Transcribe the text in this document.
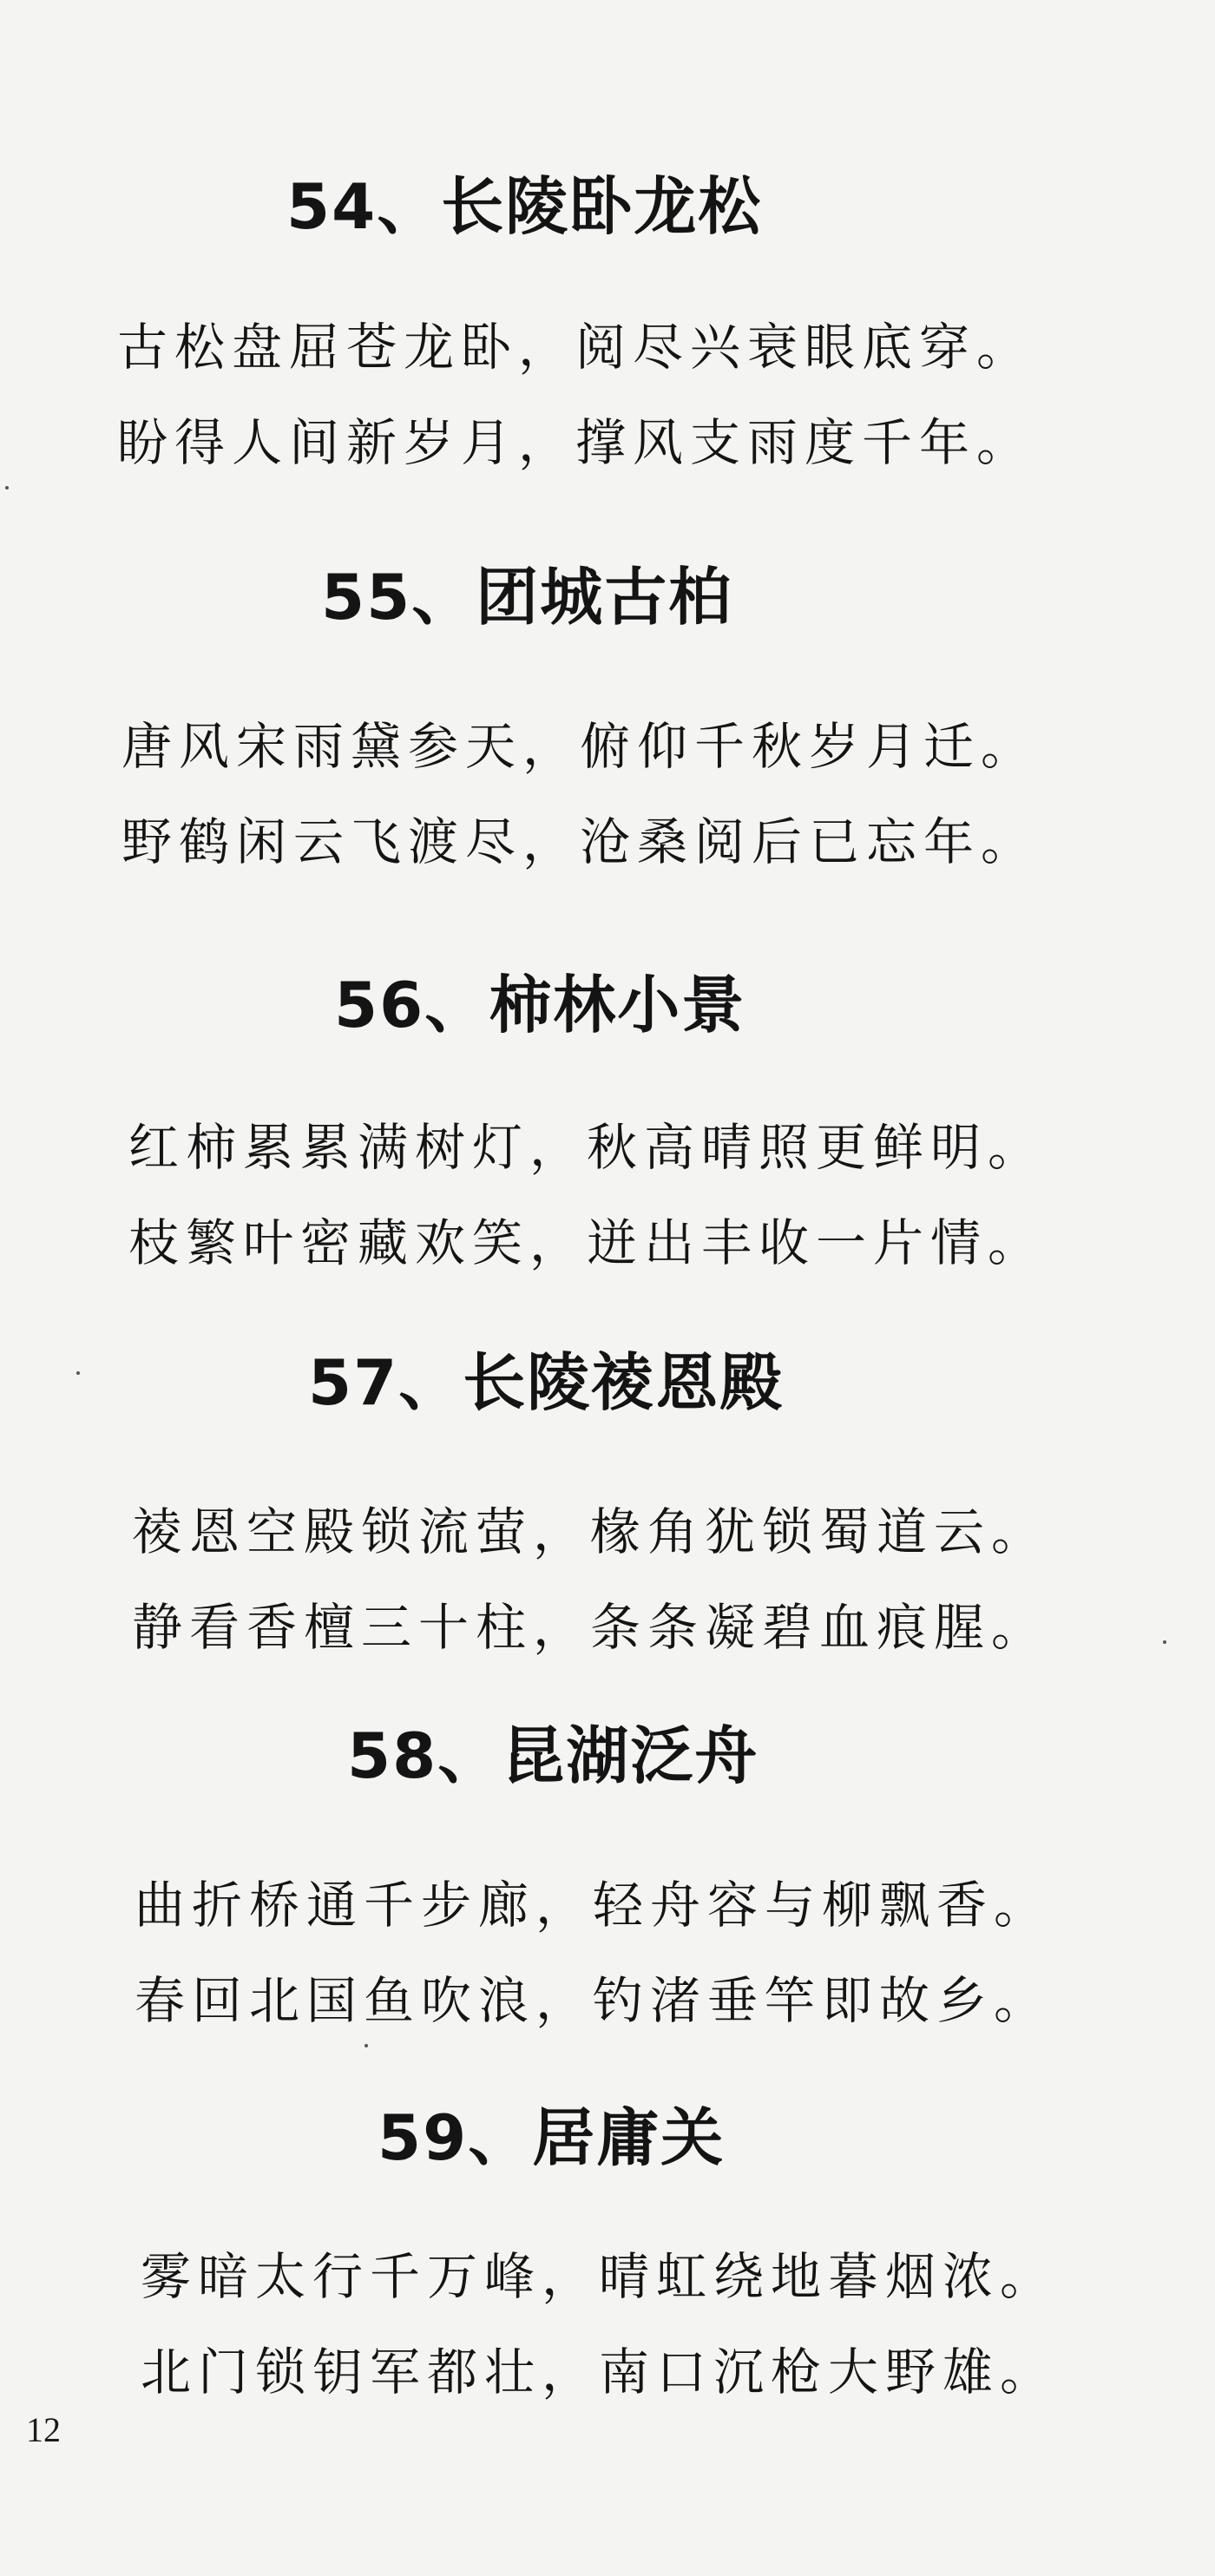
54、长陵卧龙松

古松盘屈苍龙卧，阅尽兴衰眼底穿。

盼得人间新岁月，撑风支雨度千年。

55、团城古柏

唐风宋雨黛参天，俯仰千秋岁月迁。

野鹤闲云飞渡尽，沧桑阅后已忘年。

56、柿林小景

红柿累累满树灯，秋高晴照更鲜明。

枝繁叶密藏欢笑，迸出丰收一片情。

57、长陵祾恩殿

祾恩空殿锁流萤，椽角犹锁蜀道云。

静看香檀三十柱，条条凝碧血痕腥。

58、昆湖泛舟

曲折桥通千步廊，轻舟容与柳飘香。

春回北国鱼吹浪，钓渚垂竿即故乡。

59、居庸关

雾暗太行千万峰，晴虹绕地暮烟浓。

北门锁钥军都壮，南口沉枪大野雄。

12
